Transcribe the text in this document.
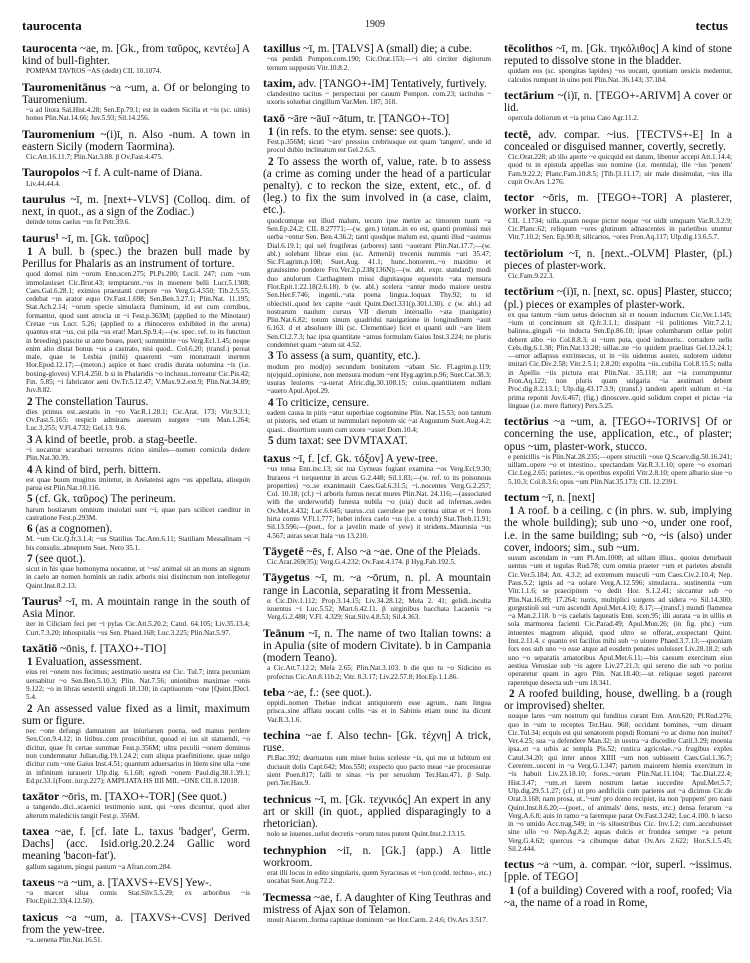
taurocenta	1909	tectus
taurocenta ~ae, m. [Gk., from ταῦρος, κεντέω] A kind of bull-fighter.
POMPAM TAVROS ~AS (dedit) CIL 10.1074.
Tauromenitānus ~a ~um, a. Of or belonging to Tauromenium.
~a ad litora Sal.Hist.4.28; Sen.Ep.79.1; est in eadem Sicilia et ~is (sc. uinis) honos Plin.Nat.14.66; Juv.5.93; Sil.14.256.
Tauromenium ~(i)ī, n. Also -num. A town in eastern Sicily (modern Taormina).
Cic.Att.16.11.7; Plin.Nat.3.88. β Ov.Fast.4.475.
Tauropolos ~ī f. A cult-name of Diana.
Liv.44.44.4.
taurulus ~ī, m. [next+-VLVS] (Colloq. dim. of next, in quot., as a sign of the Zodiac.)
deinde totus caelus ~us fit Petr.39.6.
taurus¹ ~ī, m. [Gk. ταῦρος]
1 A bull. b (spec.) the brazen bull made by Perillus for Phalaris as an instrument of torture.
quod domui nim ~orum Enn.scen.275; Pl.Ps.200; Lucil. 247; cum ~um immolauisset Cic.Brut.43; temptarunt..~os in moenere belli Lucr.5.1308; Caes.Gal.6.28.1; eximios praestanti corpore ~os Verg.G.4.550; Tib.2.5.55; cedebat ~us arator equo Ov.Fast.1.698; Sen.Ben.3.27.1; Plin.Nat. 11.195; Stat.Ach.2.14; ~orum specie simulacra fluminum, id est cum cornibus, formantur, quod sunt atrocia ut ~i Fest.p.363M; (applied to the Minotaur) Cretae ~us Lucr. 5.26; (applied to a rhinoceros exhibited in the arena) quantus erat ~us, cui pila ~us erat! Mart.Sp.9.4;—(w. spec. ref. to its function in breeding) pascite ut ante boues, pueri; summittite ~os Verg.Ecl.1.45; neque enim alio distat bonus ~us a castrato, nisi quod.. Col.6.20; (transf.) pereat male, quae te Lesbia (mihi) quaerenti ~um monstrauit inertem Hor.Epod.12.17;—(meton.) aspice et haec crudis durata uolumina ~is (i.e. boxing-gloves) V.Fl.4.250. b si in Phalaridis ~o inclusus..torreatur Cic.Pis.42; Fin. 5.85; ~i fabricator aeni Ov.Tr.5.12.47; V.Max.9.2.ext.9; Plin.Nat.34.89; Juv.8.82.
2 The constellation Taurus.
dies primus est..aestatis in ~ro Var.R.1.28.1; Cic.Arat. 173; Vitr.9.3.1; Ov.Fast.5.165; respicit admirans auersum surgere ~um Man.1.264; Luc.3.255; V.Fl.4.732; Gel.13. 9.6.
3 A kind of beetle, prob. a stag-beetle.
~i uocantur scarabaei terrestres ricino similes—nomen cornicula dedere Plin.Nat.30.39.
4 A kind of bird, perh. bittern.
est quae boum mugitus imitetur, in Arelatensi agro ~us appellata, alioquin parua est Plin.Nat.10.116.
5 (cf. Gk. ταῦρος) The perineum.
harum hostiarum omnium inuiolati sunt ~i, quae pars scilicet caeditur in castratione Fest.p.293M.
6 (as a cognomen).
M. ~um Cic.Q.fr.3.1.4; ~us Statilius Tac.Ann.6.11; Statiliam Messalinam ~i bis consulis..abneptem Suet. Nero 35.1.
7 (see quot.).
sicut in his quae homonyma uocantur, ut '~us' animal sit an mons an signum in caelo an nomen hominis an radix arboris nisi distinctum non intellegetur Quint.Inst.8.2.13.
Taurus² ~ī, m. A mountain range in the south of Asia Minor.
iter in Ciliciam feci per ~i pylas Cic.Att.5.20.2; Catul. 64.105; Liv.35.13.4; Curt.7.3.20; inhospitalis ~us Sen. Phaed.168; Luc.3.225; Plin.Nat.5.97.
taxātiō ~ōnis, f. [TAXO+-TIO]
1 Evaluation, assessment.
eius rei ~onem nos fecimus; aestimatio uestra est Cic. Tul.7; intra pecuniam uersabitur ~o Sen.Ben.5.10.3; Plin. Nat.7.56; unionibus maximae ~onis 9.122; ~o in libras sestertii singuli 18.130; in captiuorum ~one [Quint.]Decl. 5.4.
2 An assessed value fixed as a limit, maximum sum or figure.
nec ~one defungi damnatum aut iniuriarum poena, sed manus perdere Sen.Con.9.4.12; in litibus..cum proscribitur, quoad ei ius sit statuendi, ~o dicitur, quae fit certae summae Fest.p.356M; ultra peculii ~onem dominus non condemnatur Julian.dig.19.1.24.2; cum aliqua praefinitione, quae uulgo dicitur cum ~one Gaius Inst.4.51; quantum aduersarius in litem sine ulla ~one in infinitum iurauerit Ulp.dig. 6.1.68; egredi ~onem Paul.dig.38.1.39.1; Ed.pr.33.1(Font. iur.p.227); AMPLIATA HS IIII MIL ~ONE CIL 8.12018.
taxātor ~ōris, m. [TAXO+-TOR] (See quot.)
a tangendo..dici..scaenici testimonio sunt, qui ~ores dicuntur, quod alter alterum maledictis tangit Fest.p. 356M.
taxea ~ae, f. [cf. late L. taxus 'badger', Germ. Dachs] (acc. Isid.orig.20.2.24 Gallic word meaning 'bacon-fat').
gallum sagatum, pingui pastum ~a Afran.com.284.
taxeus ~a ~um, a. [TAXVS+-EVS] Yew-.
~a marcet silua comis Stat.Silv.5.5.29; ex arboribus ~is Flor.Epit.2.33(4.12.50).
taxicus ~a ~um, a. [TAXVS+-CVS] Derived from the yew-tree.
~a..uenena Plin.Nat.16.51.
taxillus ~ī, m. [TALVS] A (small) die; a cube.
~os perdidi Pompon.com.190; Cic.Orat.153;—~i alti circiter digitorum ternum suppositi Vitr.10.8.2.
taxim, adv. [TANGO+-IM] Tentatively, furtively.
clandestino tacitus ~ perspectaui per cauum Pompon. com.23; tacitulus ~ uxoris soluebat cingillum Var.Men. 187; 318.
taxō ~āre ~āuī ~ātum, tr. [TANGO+-TO]
1 (in refs. to the etym. sense: see quots.).
Fest.p.356M; sicuti '~are' pressius crebriusque est quam 'tangere', unde id procul dubio inclinatum est Gel.2.6.5.
2 To assess the worth of, value, rate. b to assess (a crime as coming under the head of a particular penalty). c to reckon the size, extent, etc., of. d (leg.) to fix the sum involved in (a case, claim, etc.).
quodcumque est illud malum, tecum ipse metire ac timorem tuum ~a Sen.Ep.24.2; CIL 8.27771;—(w. gen.) totum..in eo est, quanti promissi mei uerba ~entur Sen. Ben.4.36.2; tanti quodque malum est, quanti illud ~auimus Dial.6.19.1; qui uel frugiferas (arbores) tanti ~auerant Plin.Nat.17.7;—(w. abl.) solebant librae eius (sc. Armenii) trecenis nummis ~ari 35.47; Sic.Fl.agrim.p.108; Suet.Aug. 41.1; hunc..honorem..~o maximo et grauissimo pondere Fro.Ver.2.p.238(136N);—(w. abl. expr. standard) modi duo anulorum Carthaginem missi dignitasque equestris ~ata mensura Flor.Epit.1.22.18(2.6.18). b (w. abl.) scelera ~antur modo maiore uestra Sen.Her.F.746; ingenii..~ata poena lingua..loquax Thy.92; tu id obiecisti..quod lex capite ~auit Quint.Decl.331(p.301.l.30). c (w. abl.) ad nostrarum naulum cursus VII dierum interuallo ~ata (nauigatio) Plin.Nat.6.82; totum sinum quadridui nauigatione in longitudinem ~auit 6.163. d et absoluere illi (sc. Clementiae) licet et quanti uult ~are litem Sen.Cl.2.7.3; hac ipsa quantitate ~amus formulam Gaius Inst.3.224; ne pluris condemnet quam ~atum sit 4.52.
3 To assess (a sum, quantity, etc.).
modum pro mod(o) secundum bonitatem ~abant Sic. Fl.agrim.p.119; n(e)quid..opinione, non mensura modum ~ent Hyg.agrim.p.96; Suet.Cat.38.3; usuras leuiores ~a-uerat Afric.dig.30.108.15; cuius..quantitatem nullam ~auero Apul.Apol.29.
4 To criticize, censure.
eadem causa in piris ~atur superbiae cognomine Plin. Nat.15.53; non tantum ut pistoris, sed etiam ut nummulari nepotem sic ~at Augustum Suet.Aug.4.2; quasi.. diuortium suum cum uxore ~asset Dom.10.4;
5 dum taxat: see DVMTAXAT.
taxus ~ī, f. [cf. Gk. τόξον] A yew-tree.
~us tonsa Enn.inc.13; sic tua Cyrneas fugiant examina ~os Verg.Ecl.9.30; Ituraeos ~i torquentur in arcus G.2.448; Sil.1.83;—(w. ref. to its poisonous properties) ~o..se exanimauit Caes.Gal.6.31.5; ~i..nocentes Verg.G.2.257; Col. 10.18; (cf.) ~i arboris fumus necat mures Plin.Nat. 24.116;—(associated with the underworld) funesta nubila ~o (uia) ducit ad infernas..sedes Ov.Met.4.432; Luc.6.645; taurus..cui caeruleae per cornua uittae et ~i frons hirta comis V.Fl.1.777; hebet infera caelo ~us (i.e. a torch) Stat.Theb.11.91; Sil.13.596;—(poet., for a javelin made of yew) it stridens..Maurusia ~us 4.567; auras secat Itala ~us 13.210.
Tāygetē ~ēs, f. Also ~a ~ae. One of the Pleiads.
Cic.Arat.269(35); Verg.G.4.232; Ov.Fast.4.174. β Hyg.Fab.192.5.
Tāygetus ~ī, m. ~a ~ōrum, n. pl. A mountain range in Laconia, separating it from Messenia.
α Cic.Div.1.112; Prop.3.14.15; Liv.34.28.12; Mela 2. 41; gelidi..inculta iuuentus ~i Luc.5.52; Mart.6.42.11. β uirginibus bacchata Lacaenis ~a Verg.G.2.488; V.Fl. 4.329; Stat.Silv.4.8.53; Sil.4.363.
Teānum ~ī, n. The name of two Italian towns: a in Apulia (site of modern Civitate). b in Campania (modern Teano).
a Cic.Att.7.12.2; Mela 2.65; Plin.Nat.3.103. b die quo tu ~o Sidicino es profectus Cic.Att.8.11b.2; Vitr. 8.3.17; Liv.22.57.8; Hor.Ep.1.1.86.
teba ~ae, f.: (see quot.).
oppidi..nomen Thebae indicat antiquiorem esse agrum.. nam lingua prisca..sine afflatu uocant collis ~as et in Sabinis etiam nunc ita dicunt Var.R.3.1.6.
techina ~ae f. Also techn- [Gk. τέχνη] A trick, ruse.
Pl.Bac.392; deartuatus sum miser huius sceleste ~is, qui me ut lubitum est ductauit dolis Capt.642; Mos.550; exspecto quo pacto meae ~ae processurae sient Poen.817; falli te sinas ~is per seruolum Ter.Hau.471. β Sulp. peri.Ter.Hau.9.
technicus ~ī, m. [Gk. τεχνικός] An expert in any art or skill (in quot., applied disparagingly to a rhetorician).
nolo se iuuenes..uelut decretis ~orum tutos putent Quint.Inst.2.13.15.
technyphion ~iī, n. [Gk.] (app.) A little workroom.
erat illi locus in edito singularis, quem Syracusas et ~ion (codd. techno-, etc.) uocabat Suet.Aug.72.2.
Tecmessa ~ae, f. A daughter of King Teuthras and mistress of Ajax son of Telamon.
mouit Aiacem..forma captiuae dominum ~ae Hor.Carm. 2.4.6; Ov.Ars 3.517.
tēcolithos ~ī, m. [Gk. τηκόλιθος] A kind of stone reputed to dissolve stone in the bladder.
quidam eos (sc. spongitas lapides) ~os uocant, quoniam uesicis medentur, calculos rumpunt in uino poti Plin.Nat. 36.143; 37.184.
tectārium ~(i)ī, n. [TEGO+-ARIVM] A cover or lid.
opercula doliorum et ~ia priua Cato Agr.11.2.
tectē, adv. compar. ~ius. [TECTVS+-E] In a concealed or disguised manner, covertly, secretly.
Cic.Orat.228; ab illo aperte ~e quicquid est datum, libenter accepi Att.1.14.4; quod tu in epistula appellas suo nomine (i.e. mentula), ille ~ius 'penem' Fam.9.22.2; Planc.Fam.10.8.5; [Tib.]3.11.17; uir male dissimulat, ~ius illa cupit Ov.Ars 1.276.
tector ~ōris, m. [TEGO+-TOR] A plasterer, worker in stucco.
CIL 1.1734; uilla..quam neque pictor neque ~or uidit umquam Var.R.3.2.9; Cic.Planc.62; reliquum ~ores glutinum adnascentes in parietibus utuntur Vitr.7.10.2; Sen. Ep.90.8; silicarios, ~ores Fron.Aq.117; Ulp.dig.13.6.5.7.
tectōriolum ~ī, n. [next..-OLVM] Plaster, (pl.) pieces of plaster-work.
Cic.Fam.9.22.3.
tectōrium ~(i)ī, n. [next, sc. opus] Plaster, stucco; (pl.) pieces or examples of plaster-work.
ex qua tantum ~ium uetus deiectum sit et nouum inductum Cic.Ver.1.145; ~ium ut concinnum sit Q.fr.3.1.1; dissipant ~ii politiones Vitr.7.2.1; balinea..gingali ~io inducta Sen.Ep.86.10; ipsae columbarum cellae poliri debent albo ~io Col.8.8.3; si ~ium puta, quod induxeris.. corradere uelis Cels.dig.6.1.38; Plin.Nat.13.28; uillas..ne ~io quidem praelitas Gel.13.24.1;—umor adlapsus extrinsecus, ut in ~iis uidemus austro, sudorem uidetur imitari Cic.Div.2.58; Vitr.2.5.1; 2.8.20; expolita ~iis..cubilia Col.8.15.5; nulla in Apellis ~iis pictura erat Plin.Nat. 35.118; aut ~ia corrumpuntur Fron.Aq.122; non pluris quam uulgaria ~ia aestimari debent Proc.dig.8.2.13.1; Ulp.dig.43.17.3.9; (transf.) tandem aperit uultum et ~ia prima reponit Juv.6.467; (fig.) dinoscere..quid solidum crepet et pictae ~ia linguae (i.e. mere flattery) Pers.5.25.
tectōrius ~a ~um, a. [TEGO+-TORIVS] Of or concerning the use, application, etc., of plaster; opus ~um, plaster-work, stucco.
e penicillis ~is Plin.Nat.28.235;—opere structili ~oue Q.Scaev.dig.50.16.241; uillam..opere ~o et intestino.. spectandam Var.R.3.1.10; opere ~o exornari Cic.Leg.2.65; parietes..~is operibus expoliti Vitr.2.8.10; opere albario siue ~o 5.10.3; Col.8.3.6; opus ~um Plin.Nat.35.173; CIL 12.2391.
tectum ~ī, n. [next]
1 A roof. b a ceiling. c (in phrs. w. sub, implying the whole building); sub uno ~o, under one roof, i.e. in the same building; sub ~o, ~is (also) under cover, indoors; sim., sub ~um.
susum ascendam in ~um Pl.Am.1008; ad uillam illius.. quoius deturbauit uentus ~um et tegulas Rud.78; cum omnia praeter ~um et parietes abstulit Cic.Ver.5.184; Att. 4.3.2; ad extremum musculi ~um Caes.Civ.2.10.4; Nep. Paus.5.2; ignis ad ~a uolare Verg.A.12.596; simulacra.. sustinentia ~um Vitr.1.1.6; se praecipitem ~o dedit Hor. S.1.2.41; siccantur sub ~o Plin.Nat.16.89; 17.264; turris, multiplici surgens ad sidera ~o Sil.14.300; gurgustioli sui ~um ascendit Apul.Met.4.10; 8.17;—(transf.) mundi flammea ~a Man.2.118. b ~is caelatis laqueatis Enn. scen.95; illi aurata ~a in uillis et sola marmorea facienti Cic.Parad.49; Apul.Mun.26; (in fig. phr.) ~um intuentes magnum aliquid, quod ultro se offerat,..exspectant Quint. Inst.2.11.4. c quanto est facilius mihi sub ~o uiuere Phaed.3.7.13;—quoniam fors eos sub uno ~o esse atque ad eosdem penates uoluisset Liv.28.18.2; sub uno ~o separatis amatoribus Apul.Met.6.11;—bis caesum exercitum eius aestiua Venusiae sub ~is agere Liv.27.21.3; qui sereno die sub ~o potius operaretur quam in agro Plin. Nat.18.40;—ut reliquae segeti parceret raperetque desecta sub ~um 18.341.
2 A roofed building, house, dwelling. b a (rough or improvised) shelter.
uosque lares ~um nostrum qui funditus curant Enn. Ann.620; Pl.Rud.276; quo in ~um te receptes Ter.Hau. 968; occidant homines, ~um diruant Cic.Tul.34; ecquis est qui senatorem populi Romani ~o ac domo non inuitet? Ver.4.25; sua ~a defendere Man.32; in uestra ~a discedite Catil.3.29; moenia ipsa..et ~a urbis ac templa Pis.52; rustica agricolae..~a frugibus exples Catul.34.20; qui inter annos XIIII ~um non subissent Caes.Gal.1.36.7; Cererem..uocent in ~a Verg.G.1.347; partem maiorem hiemis exercitum in ~is habuit Liv.23.18.10; fores..~orum Plin.Nat.11.104; Tac.Dial.22.4; Hist.3.47; ~um..et larem nostrum laetae succedite Apul.Met.5.7; Ulp.dig.29.5.1.27; (cf.) ut pro aedificiis cum parietes aut ~a dicimus Cic.de Orat.3.168; nam prosa, ut..'~um' pro domo recipiet, ita non 'puppem' pro naui Quint.Inst.8.6.20;—(poet., of animals' dens, nests, etc.) densa ferarum ~a Verg.A.6.8; auis in ramo ~a laremque parat Ov.Fast.3.242; Luc.4.100. b iacso in ~o umido Acc.trag.549; in ~is siluestribus Cic. Inv.1.2; cum..accubuisset sine ullo ~o Nep.Ag.8.2; aquas dulcis et frondea semper ~a petunt Verg.G.4.62; quercus ~a cibumque dabat Ov.Ars 2.622; Hor.S.1.5.45; Sil.2.444.
tectus ~a ~um, a. compar. ~ior, superl. ~issimus. [pple. of TEGO]
1 (of a building) Covered with a roof, roofed; Via ~a, the name of a road in Rome,
